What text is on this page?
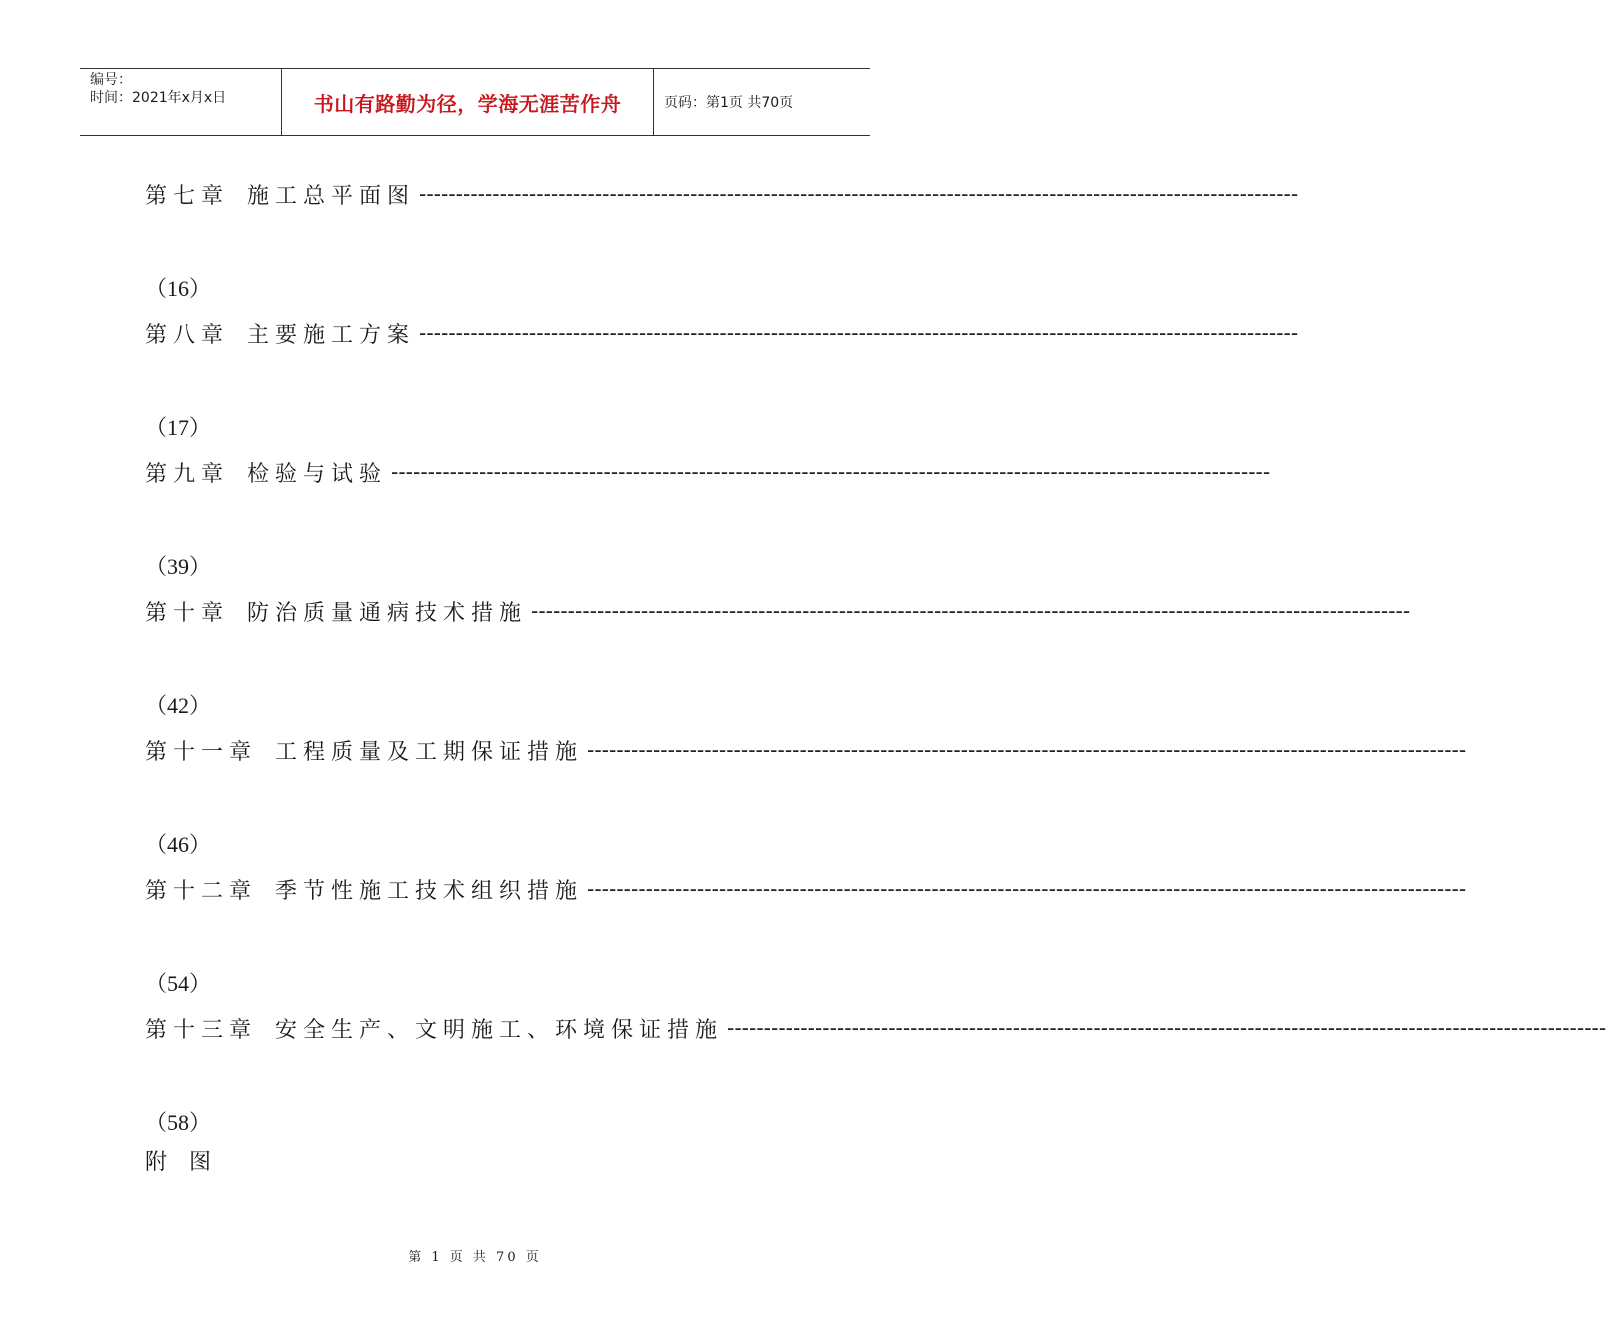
编号：
时间：2021年x月x日	书山有路勤为径，学海无涯苦作舟	页码：第1页 共70页
第七章 施工总平面图 ------------------------------------------------------------------------------------------------------------------------
（16）
第八章 主要施工方案 ------------------------------------------------------------------------------------------------------------------------
（17）
第九章 检验与试验 ------------------------------------------------------------------------------------------------------------------------
（39）
第十章 防治质量通病技术措施 ------------------------------------------------------------------------------------------------------------------------
（42）
第十一章 工程质量及工期保证措施 ------------------------------------------------------------------------------------------------------------------------
（46）
第十二章 季节性施工技术组织措施 ------------------------------------------------------------------------------------------------------------------------
（54）
第十三章 安全生产、文明施工、环境保证措施 ------------------------------------------------------------------------------------------------------------------------
（58）
附图
第 1 页 共 70 页
